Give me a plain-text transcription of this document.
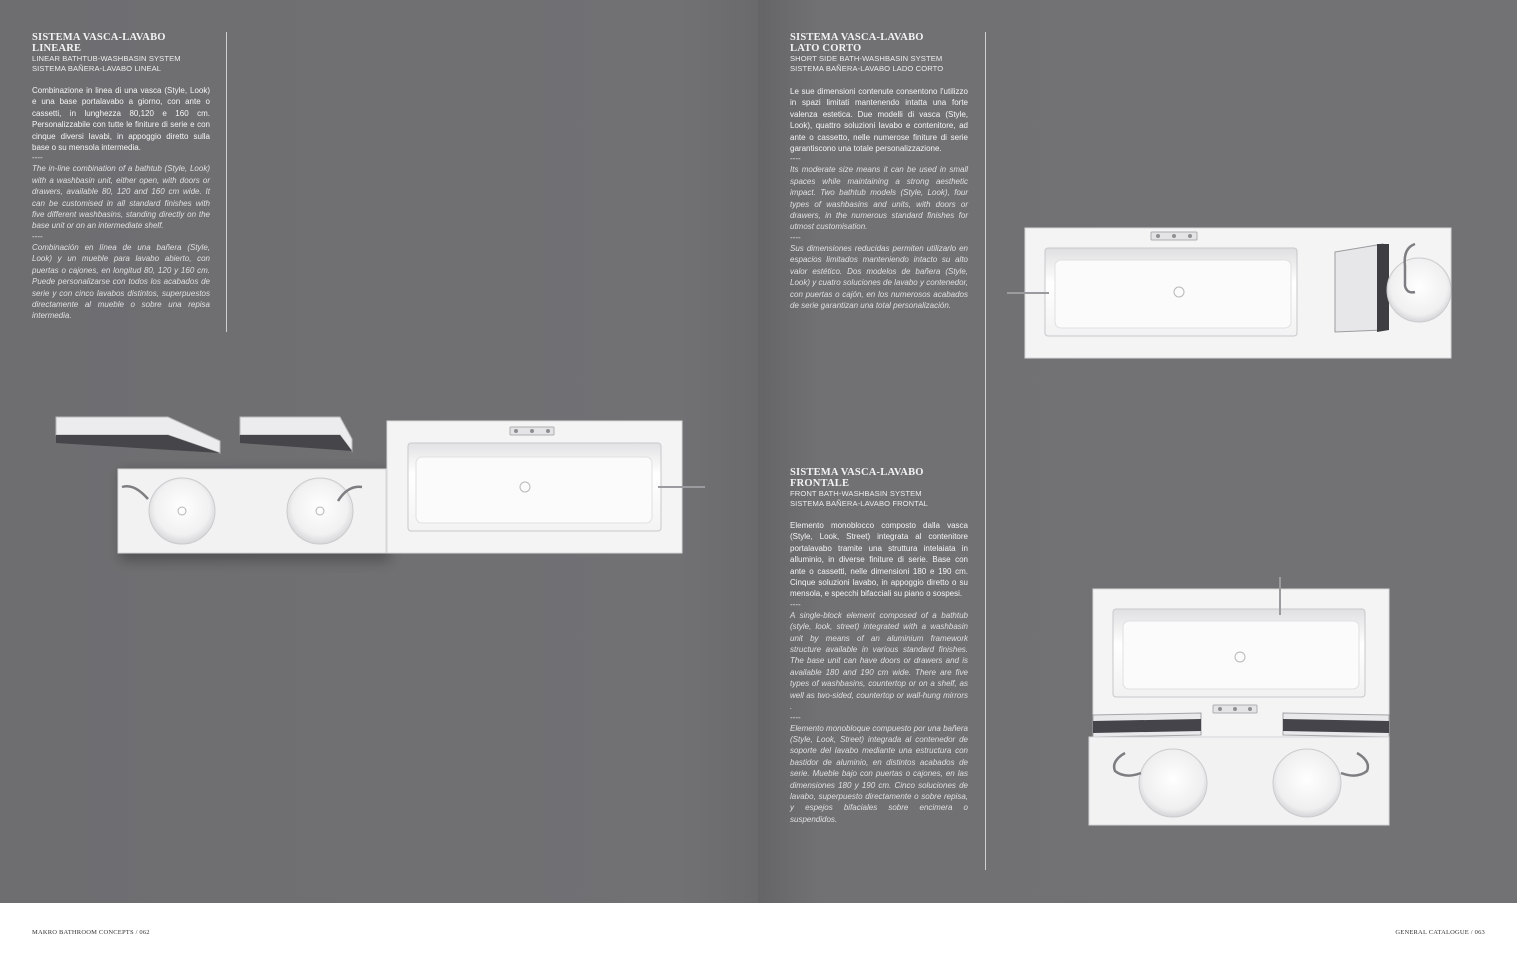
SISTEMA VASCA-LAVABO LINEARE

LINEAR BATHTUB-WASHBASIN SYSTEM

SISTEMA BAÑERA-LAVABO LINEAL

Combinazione in linea di una vasca (Style, Look) e una base portalavabo a giorno, con ante o cassetti, in lunghezza 80,120 e 160 cm. Personalizzabile con tutte le finiture di serie e con cinque diversi lavabi, in appoggio diretto sulla base o su mensola intermedia.

----

The in-line combination of a bathtub (Style, Look) with a washbasin unit, either open, with doors or drawers, available 80, 120 and 160 cm wide. It can be customised in all standard finishes with five different washbasins, standing directly on the base unit or on an intermediate shelf.

----

Combinación en línea de una bañera (Style, Look) y un mueble para lavabo abierto, con puertas o cajones, en longitud 80, 120 y 160 cm. Puede personalizarse con todos los acabados de serie y con cinco lavabos distintos, superpuestos directamente al mueble o sobre una repisa intermedia.

SISTEMA VASCA-LAVABO

LATO CORTO

SHORT SIDE BATH-WASHBASIN SYSTEM

SISTEMA BAÑERA-LAVABO LADO CORTO

Le sue dimensioni contenute consentono l'utilizzo in spazi limitati mantenendo intatta una forte valenza estetica. Due modelli di vasca (Style, Look), quattro soluzioni lavabo e contenitore, ad ante o cassetto, nelle numerose finiture di serie garantiscono una totale personalizzazione.

----

Its moderate size means it can be used in small spaces while maintaining a strong aesthetic impact. Two bathtub models (Style, Look), four types of washbasins and units, with doors or drawers, in the numerous standard finishes for utmost customisation.

----

Sus dimensiones reducidas permiten utilizarlo en espacios limitados manteniendo intacto su alto valor estético. Dos modelos de bañera (Style, Look) y cuatro soluciones de lavabo y contenedor, con puertas o cajón, en los numerosos acabados de serie garantizan una total personalización.

SISTEMA VASCA-LAVABO

FRONTALE

FRONT BATH-WASHBASIN SYSTEM

SISTEMA BAÑERA-LAVABO FRONTAL

Elemento monoblocco composto dalla vasca (Style, Look, Street) integrata al contenitore portalavabo tramite una struttura intelaiata in alluminio, in diverse finiture di serie. Base con ante o cassetti, nelle dimensioni 180 e 190 cm. Cinque soluzioni lavabo, in appoggio diretto o su mensola, e specchi bifacciali su piano o sospesi.

----

A single-block element composed of a bathtub (style, look, street) integrated with a washbasin unit by means of an aluminium framework structure available in various standard finishes. The base unit can have doors or drawers and is available 180 and 190 cm wide. There are five types of washbasins, countertop or on a shelf, as well as two-sided, countertop or wall-hung mirrors .

----

Elemento monobloque compuesto por una bañera (Style, Look, Street) integrada al contenedor de soporte del lavabo mediante una estructura con bastidor de aluminio, en distintos acabados de serie. Mueble bajo con puertas o cajones, en las dimensiones 180 y 190 cm. Cinco soluciones de lavabo, superpuesto directamente o sobre repisa, y espejos bifaciales sobre encimera o suspendidos.

MAKRO BATHROOM CONCEPTS / 062	GENERAL CATALOGUE / 063
